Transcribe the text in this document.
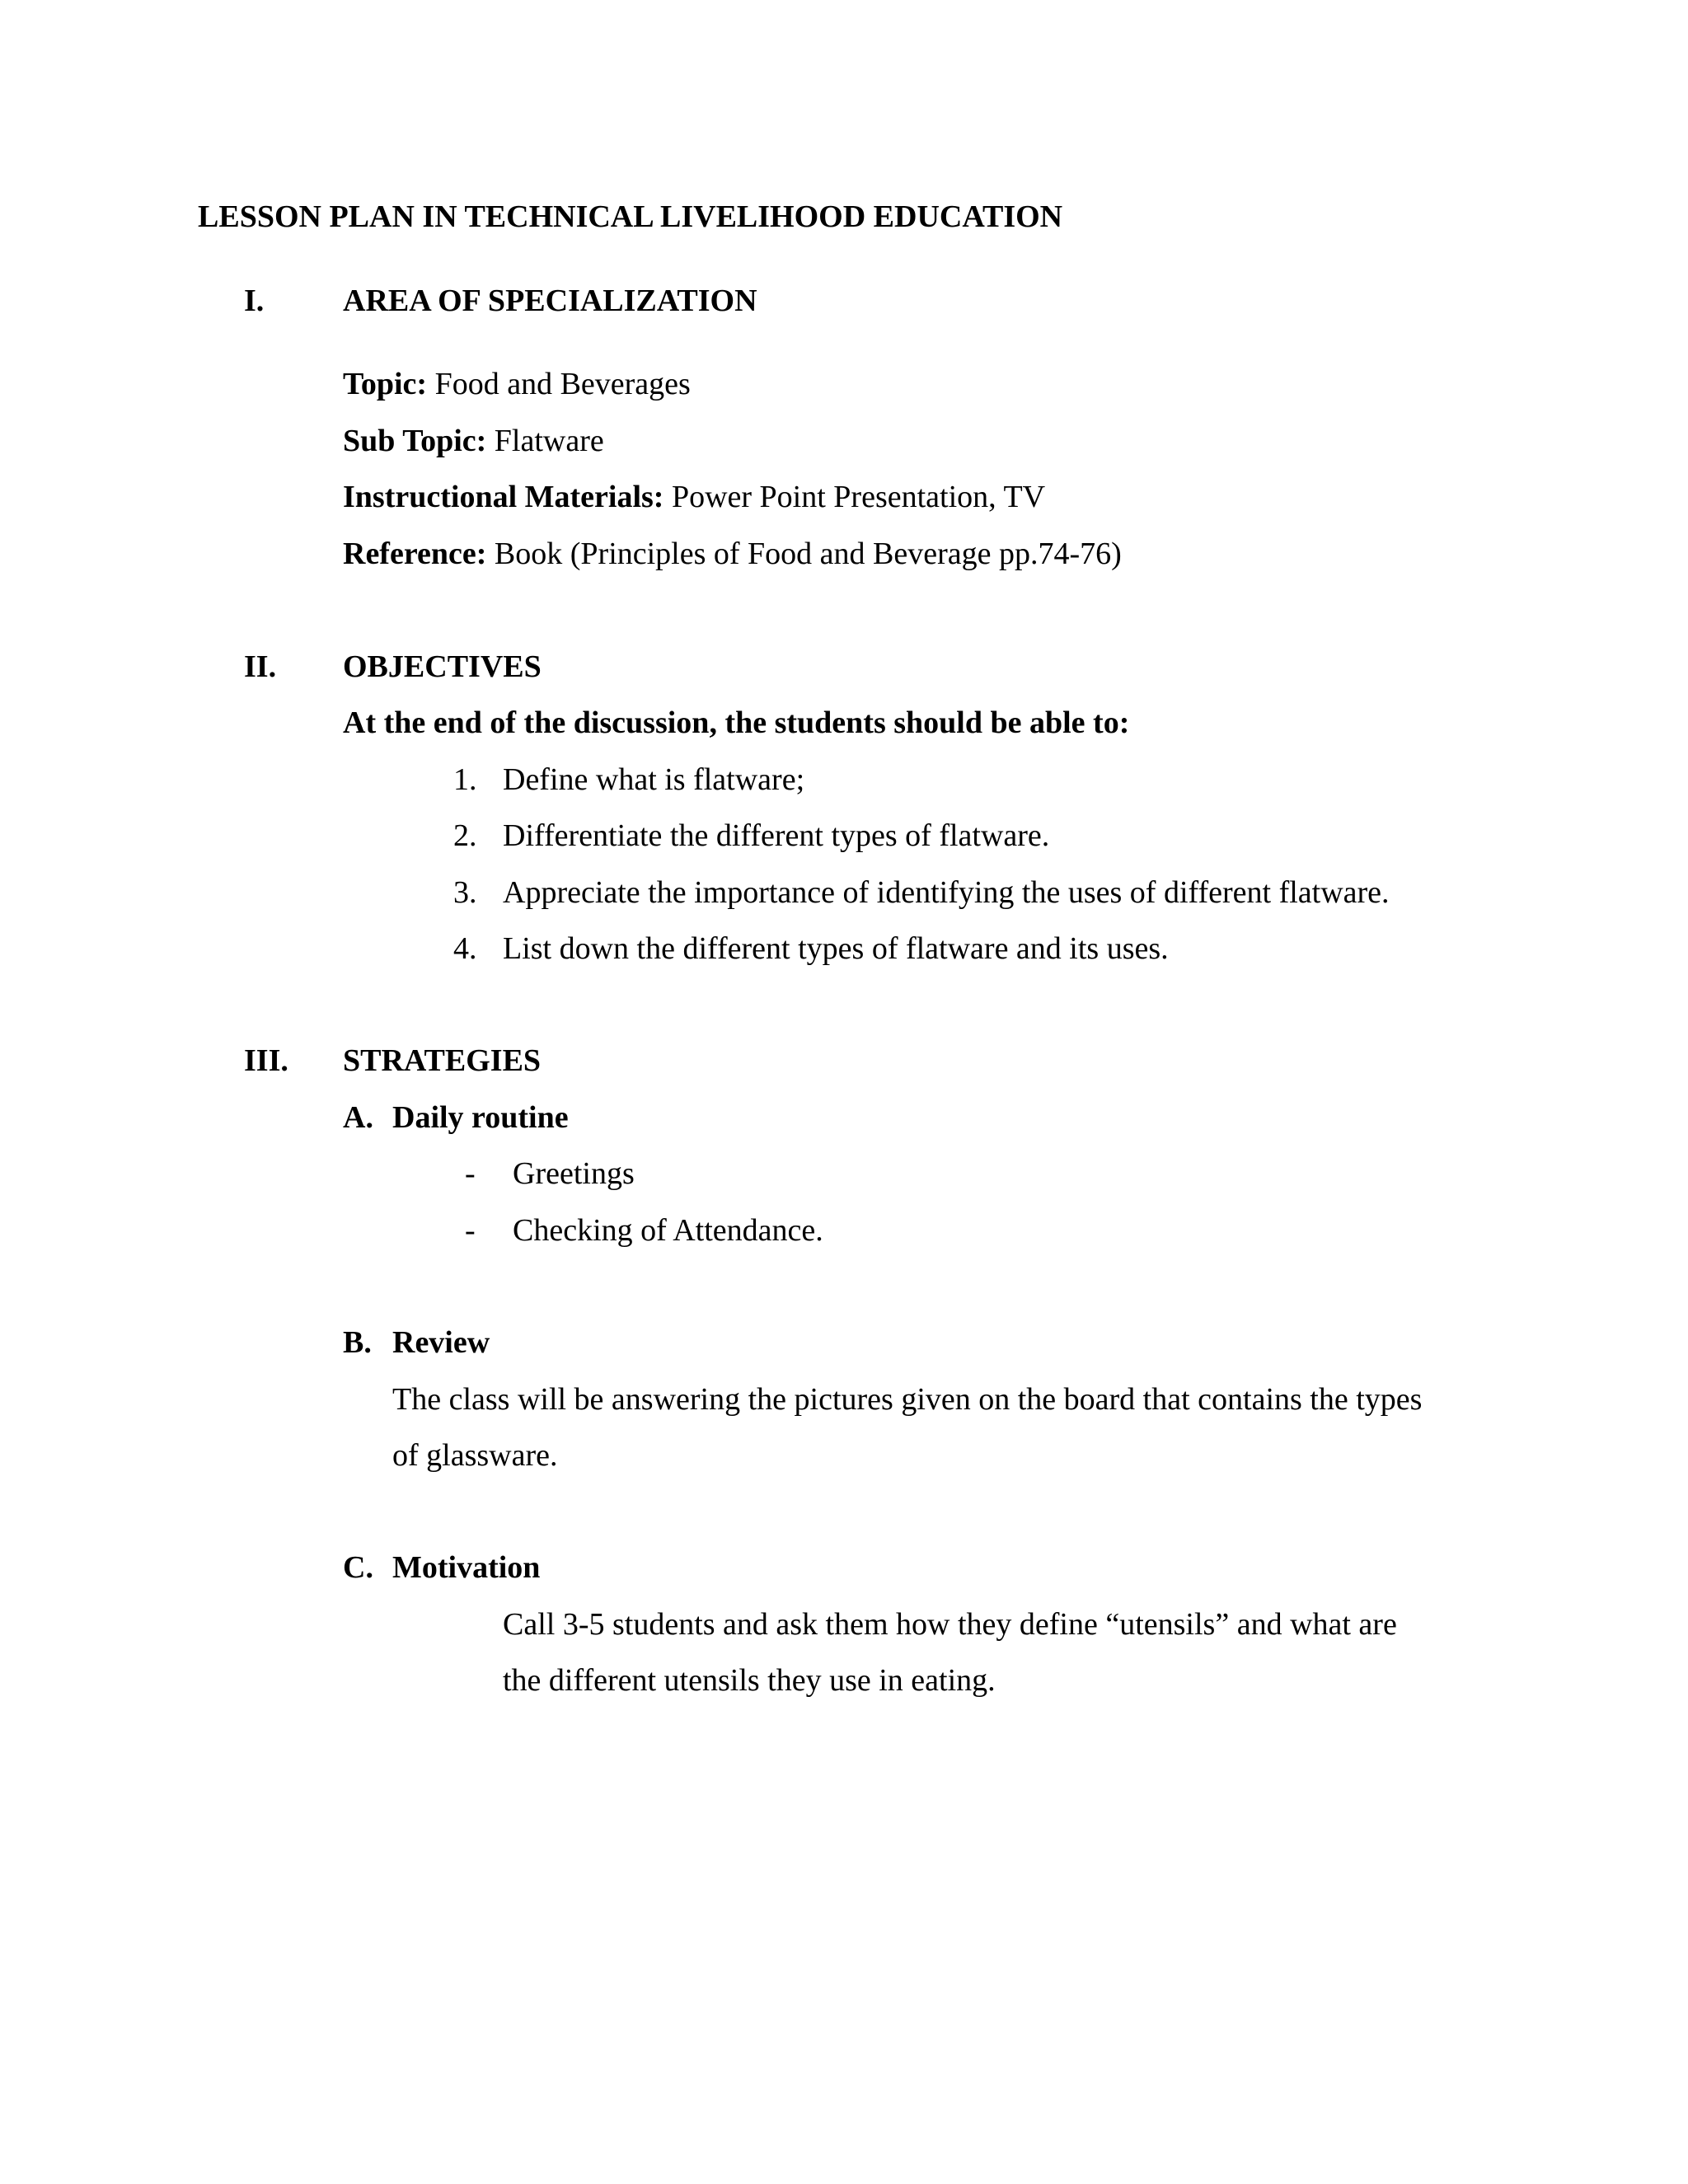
LESSON PLAN IN TECHNICAL LIVELIHOOD EDUCATION
I.	AREA OF SPECIALIZATION
Topic: Food and Beverages
Sub Topic: Flatware
Instructional Materials: Power Point Presentation, TV
Reference: Book (Principles of Food and Beverage pp.74-76)
II. OBJECTIVES
At the end of the discussion, the students should be able to:
1. Define what is flatware;
2. Differentiate the different types of flatware.
3. Appreciate the importance of identifying the uses of different flatware.
4. List down the different types of flatware and its uses.
III. STRATEGIES
A. Daily routine
- Greetings
- Checking of Attendance.
B. Review
The class will be answering the pictures given on the board that contains the types
of glassware.
C. Motivation
Call 3-5 students and ask them how they define “utensils” and what are
the different utensils they use in eating.
